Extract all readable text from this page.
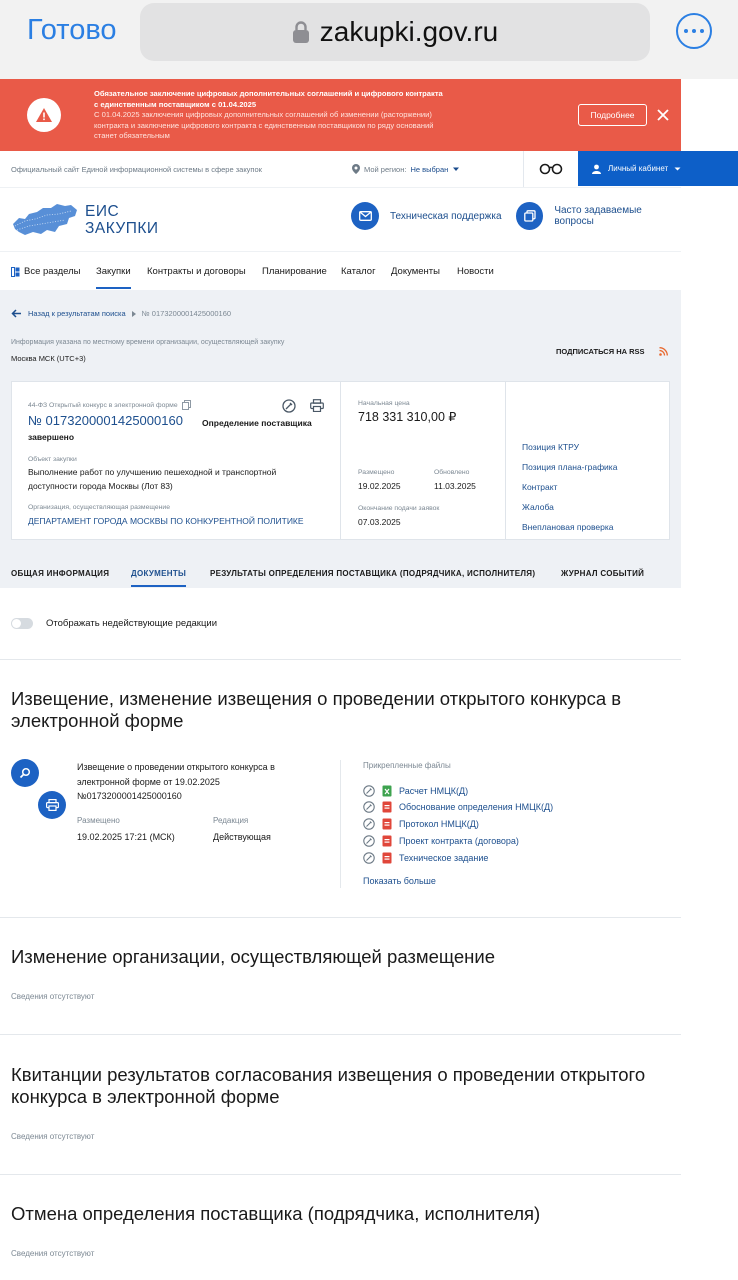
Готово	zakupki.gov.ru
Обязательное заключение цифровых дополнительных соглашений и цифрового контракта с единственным поставщиком с 01.04.2025
С 01.04.2025 заключения цифровых дополнительных соглашений об изменении (расторжении) контракта и заключение цифрового контракта с единственным поставщиком по ряду оснований станет обязательным
Подробнее
Официальный сайт Единой информационной системы в сфере закупок	Мой регион: Не выбран	Личный кабинет
ЕИС
ЗАКУПКИ
Техническая поддержка	Часто задаваемые вопросы
Все разделы Закупки Контракты и договоры Планирование Каталог Документы Новости
Назад к результатам поиска № 0173200001425000160
Информация указана по местному времени организации, осуществляющей закупку
Москва МСК (UTC+3)
ПОДПИСАТЬСЯ НА RSS
44-ФЗ Открытый конкурс в электронной форме
№ 0173200001425000160 Определение поставщика
завершено
Объект закупки
Выполнение работ по улучшению пешеходной и транспортной доступности города Москвы (Лот 83)
Организация, осуществляющая размещение
ДЕПАРТАМЕНТ ГОРОДА МОСКВЫ ПО КОНКУРЕНТНОЙ ПОЛИТИКЕ
Начальная цена
718 331 310,00 ₽
Размещено
19.02.2025
Обновлено
11.03.2025
Окончание подачи заявок
07.03.2025
Позиция КТРУ
Позиция плана-графика
Контракт
Жалоба
Внеплановая проверка
ОБЩАЯ ИНФОРМАЦИЯ	ДОКУМЕНТЫ	РЕЗУЛЬТАТЫ ОПРЕДЕЛЕНИЯ ПОСТАВЩИКА (ПОДРЯДЧИКА, ИСПОЛНИТЕЛЯ)	ЖУРНАЛ СОБЫТИЙ
Отображать недействующие редакции
Извещение, изменение извещения о проведении открытого конкурса в электронной форме
Извещение о проведении открытого конкурса в электронной форме от 19.02.2025 №0173200001425000160
Размещено
19.02.2025 17:21 (МСК)
Редакция
Действующая
Прикрепленные файлы
Расчет НМЦК(Д)
Обоснование определения НМЦК(Д)
Протокол НМЦК(Д)
Проект контракта (договора)
Техническое задание
Показать больше
Изменение организации, осуществляющей размещение
Сведения отсутствуют
Квитанции результатов согласования извещения о проведении открытого конкурса в электронной форме
Сведения отсутствуют
Отмена определения поставщика (подрядчика, исполнителя)
Сведения отсутствуют
